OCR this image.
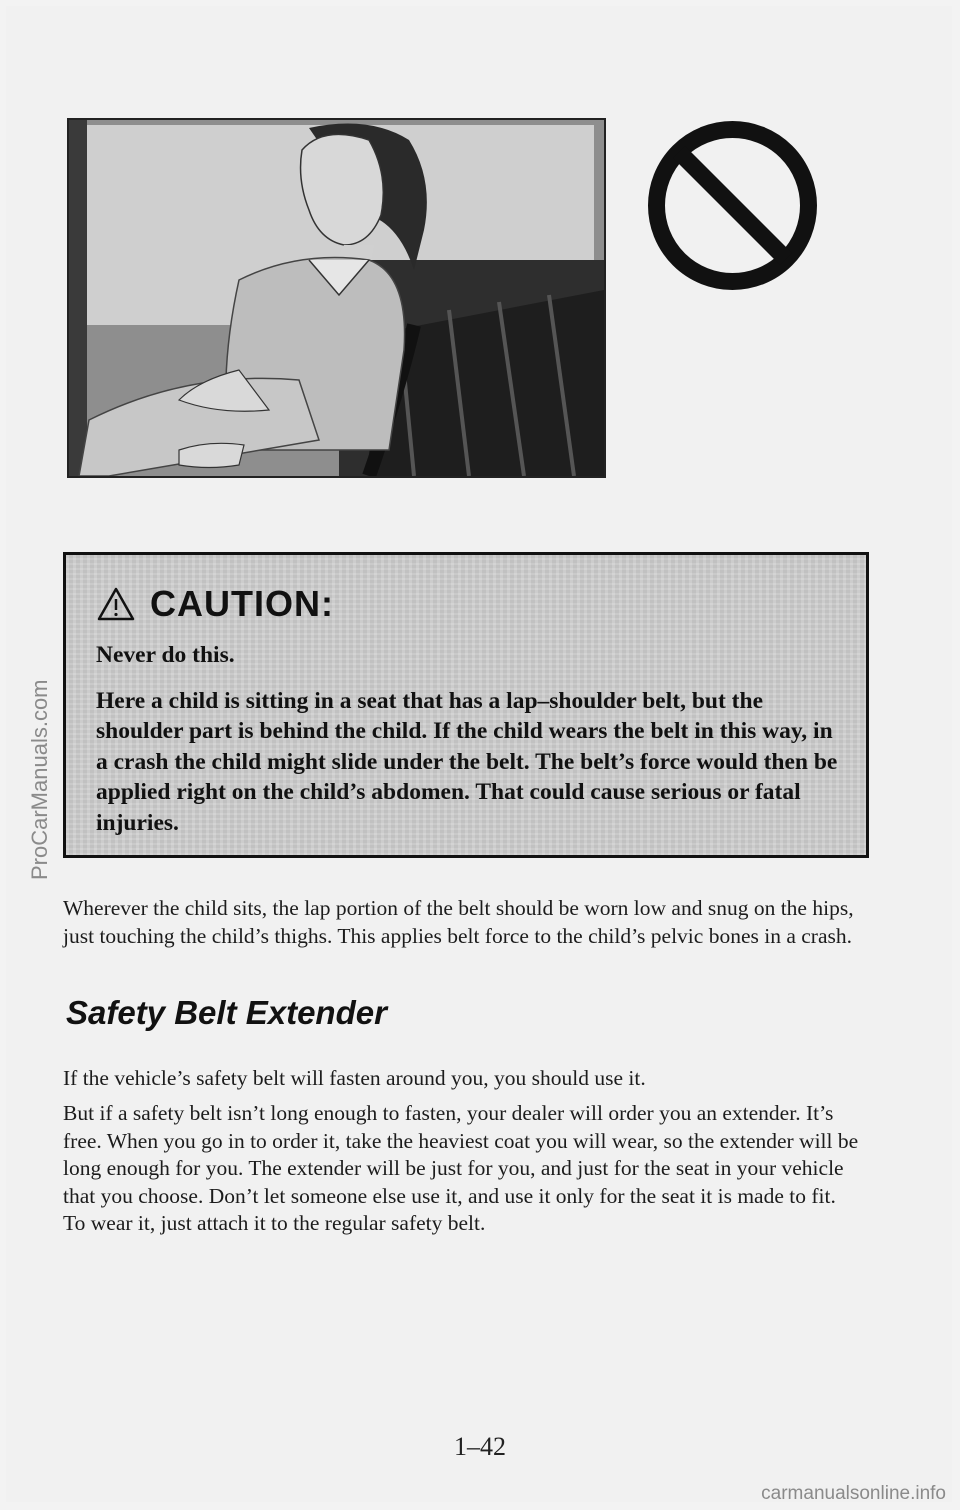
CAUTION:

Never do this.

Here a child is sitting in a seat that has a lap–shoulder belt, but the shoulder part is behind the child. If the child wears the belt in this way, in a crash the child might slide under the belt. The belt’s force would then be applied right on the child’s abdomen. That could cause serious or fatal injuries.

Wherever the child sits, the lap portion of the belt should be worn low and snug on the hips, just touching the child’s thighs. This applies belt force to the child’s pelvic bones in a crash.

Safety Belt Extender

If the vehicle’s safety belt will fasten around you, you should use it.

But if a safety belt isn’t long enough to fasten, your dealer will order you an extender. It’s free. When you go in to order it, take the heaviest coat you will wear, so the extender will be long enough for you. The extender will be just for you, and just for the seat in your vehicle that you choose. Don’t let someone else use it, and use it only for the seat it is made to fit. To wear it, just attach it to the regular safety belt.

1–42
ProCarManuals.com
carmanualsonline.info
